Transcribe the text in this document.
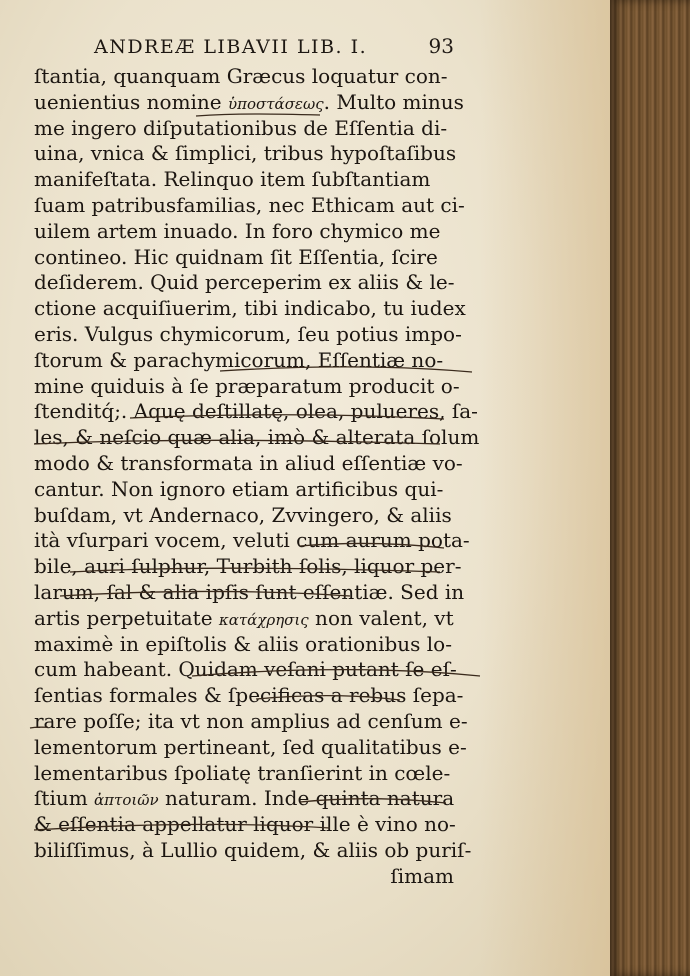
ANDREÆ LIBAVII LIB. I.	93
ſtantia, quanquam Græcus loquatur con-
uenientius nomine ὑποστάσεως. Multo minus
me ingero diſputationibus de Eſſentia di-
uina, vnica & ſimplici, tribus hypoſtaſibus
manifeſtata. Relinquo item ſubſtantiam
ſuam patribusfamilias, nec Ethicam aut ci-
uilem artem inuado. In foro chymico me
contineo. Hic quidnam ſit Eſſentia, ſcire
deſiderem. Quid perceperim ex aliis & le-
ctione acquiſiuerim, tibi indicabo, tu iudex
eris. Vulgus chymicorum, ſeu potius impo-
ſtorum & parachymicorum, Eſſentiæ no-
mine quiduis à ſe præparatum producit o-
ſtenditq́;. Aquę deſtillatę, olea, pulueres, ſa-
les, & neſcio quæ alia, imò & alterata ſolum
modo & transformata in aliud eſſentiæ vo-
cantur. Non ignoro etiam artificibus qui-
buſdam, vt Andernaco, Zvvingero, & aliis
ità vſurpari vocem, veluti cum aurum pota-
bile, auri ſulphur, Turbith ſolis, liquor per-
larum, ſal & alia ipſis ſunt eſſentiæ. Sed in
artis perpetuitate κατάχρησις non valent, vt
maximè in epiſtolis & aliis orationibus lo-
cum habeant. Quidam veſani putant ſe eſ-
ſentias formales & ſpecificas a rebus ſepa-
rare poſſe; ita vt non amplius ad cenſum e-
lementorum pertineant, ſed qualitatibus e-
lementaribus ſpoliatę tranſierint in cœle-
ſtium ἀπτοιῶν naturam. Inde quinta natura
& eſſentia appellatur liquor ille è vino no-
biliſſimus, à Lullio quidem, & aliis ob puriſ-
ſimam
